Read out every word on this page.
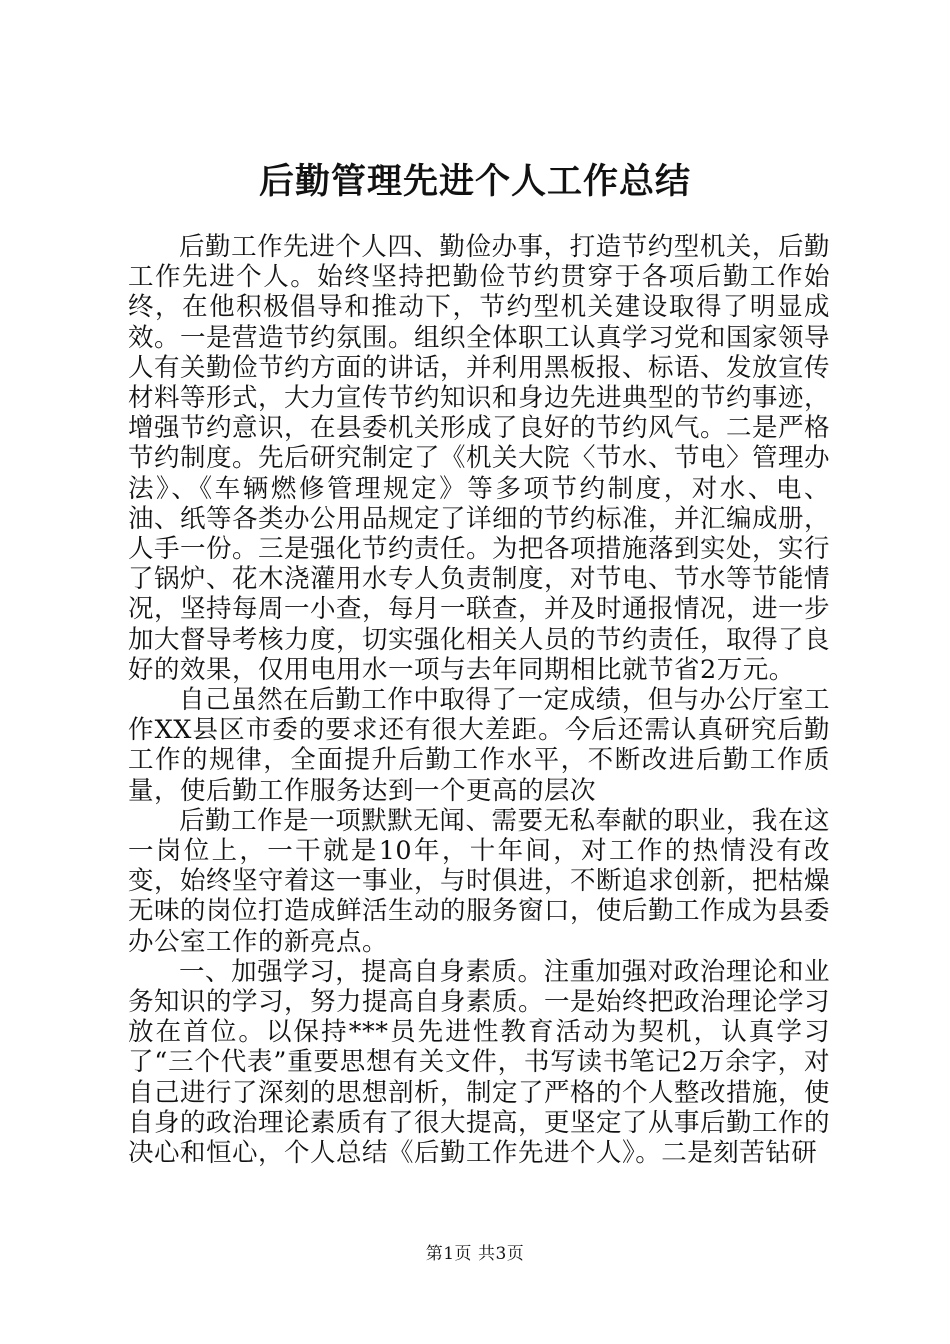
后勤管理先进个人工作总结

后勤工作先进个人四、勤俭办事，打造节约型机关，后勤工作先进个人。始终坚持把勤俭节约贯穿于各项后勤工作始终，在他积极倡导和推动下，节约型机关建设取得了明显成效。一是营造节约氛围。组织全体职工认真学习党和国家领导人有关勤俭节约方面的讲话，并利用黑板报、标语、发放宣传材料等形式，大力宣传节约知识和身边先进典型的节约事迹，增强节约意识，在县委机关形成了良好的节约风气。二是严格节约制度。先后研究制定了《机关大院〈节水、节电〉管理办法》、《车辆燃修管理规定》等多项节约制度，对水、电、油、纸等各类办公用品规定了详细的节约标准，并汇编成册，人手一份。三是强化节约责任。为把各项措施落到实处，实行了锅炉、花木浇灌用水专人负责制度，对节电、节水等节能情况，坚持每周一小查，每月一联查，并及时通报情况，进一步加大督导考核力度，切实强化相关人员的节约责任，取得了良好的效果，仅用电用水一项与去年同期相比就节省2万元。

自己虽然在后勤工作中取得了一定成绩，但与办公厅室工作XX县区市委的要求还有很大差距。今后还需认真研究后勤工作的规律，全面提升后勤工作水平，不断改进后勤工作质量，使后勤工作服务达到一个更高的层次

后勤工作是一项默默无闻、需要无私奉献的职业，我在这一岗位上，一干就是10年，十年间，对工作的热情没有改变，始终坚守着这一事业，与时俱进，不断追求创新，把枯燥无味的岗位打造成鲜活生动的服务窗口，使后勤工作成为县委办公室工作的新亮点。

一、加强学习，提高自身素质。注重加强对政治理论和业务知识的学习，努力提高自身素质。一是始终把政治理论学习放在首位。以保持***员先进性教育活动为契机，认真学习了“三个代表”重要思想有关文件，书写读书笔记2万余字，对自己进行了深刻的思想剖析，制定了严格的个人整改措施，使自身的政治理论素质有了很大提高，更坚定了从事后勤工作的决心和恒心，个人总结《后勤工作先进个人》。二是刻苦钻研

第1页 共3页
